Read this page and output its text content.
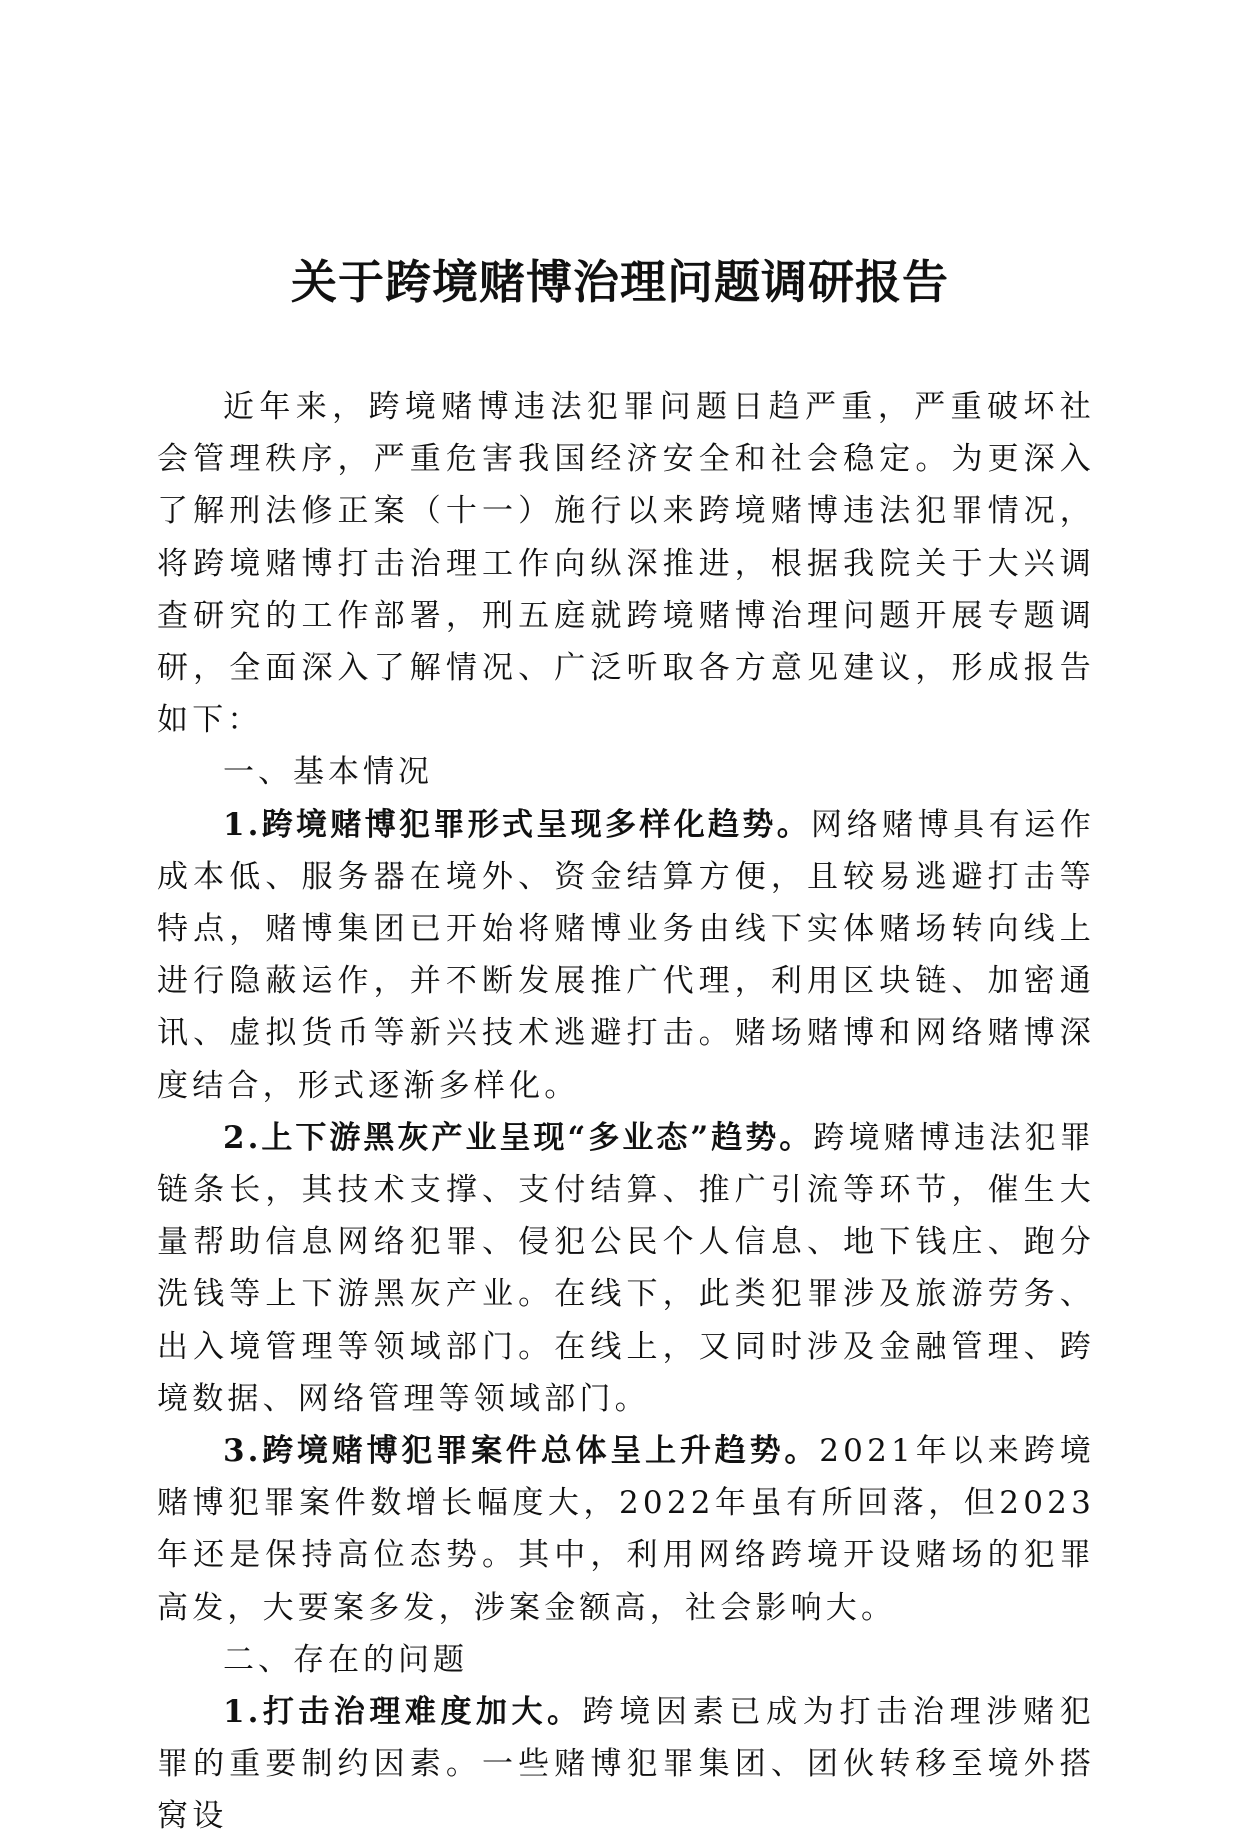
关于跨境赌博治理问题调研报告

近年来，跨境赌博违法犯罪问题日趋严重，严重破坏社会管理秩序，严重危害我国经济安全和社会稳定。为更深入了解刑法修正案（十一）施行以来跨境赌博违法犯罪情况，将跨境赌博打击治理工作向纵深推进，根据我院关于大兴调查研究的工作部署，刑五庭就跨境赌博治理问题开展专题调研，全面深入了解情况、广泛听取各方意见建议，形成报告如下：

一、基本情况

1.跨境赌博犯罪形式呈现多样化趋势。网络赌博具有运作成本低、服务器在境外、资金结算方便，且较易逃避打击等特点，赌博集团已开始将赌博业务由线下实体赌场转向线上进行隐蔽运作，并不断发展推广代理，利用区块链、加密通讯、虚拟货币等新兴技术逃避打击。赌场赌博和网络赌博深度结合，形式逐渐多样化。

2.上下游黑灰产业呈现“多业态”趋势。跨境赌博违法犯罪链条长，其技术支撑、支付结算、推广引流等环节，催生大量帮助信息网络犯罪、侵犯公民个人信息、地下钱庄、跑分洗钱等上下游黑灰产业。在线下，此类犯罪涉及旅游劳务、出入境管理等领域部门。在线上，又同时涉及金融管理、跨境数据、网络管理等领域部门。

3.跨境赌博犯罪案件总体呈上升趋势。2021年以来跨境赌博犯罪案件数增长幅度大，2022年虽有所回落，但2023年还是保持高位态势。其中，利用网络跨境开设赌场的犯罪高发，大要案多发，涉案金额高，社会影响大。

二、存在的问题

1.打击治理难度加大。跨境因素已成为打击治理涉赌犯罪的重要制约因素。一些赌博犯罪集团、团伙转移至境外搭窝设
